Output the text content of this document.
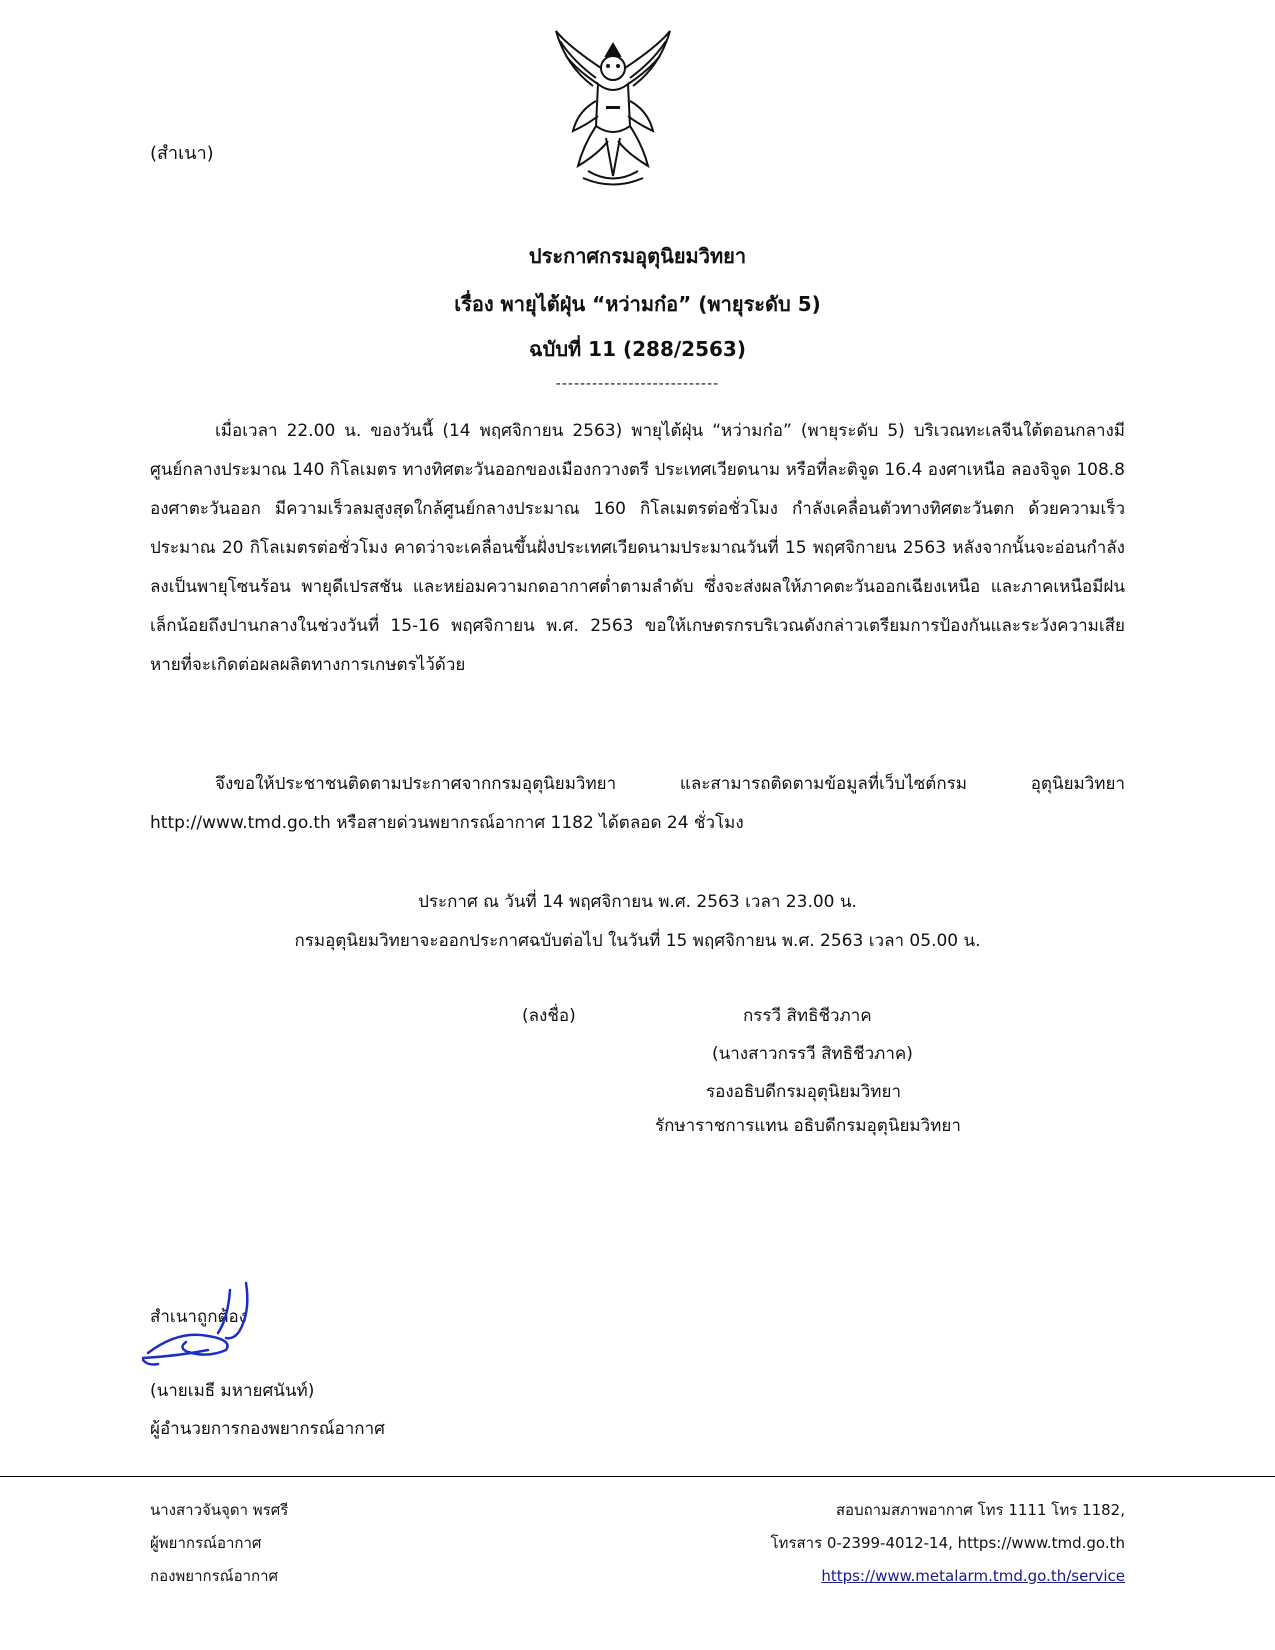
(สำเนา)
ประกาศกรมอุตุนิยมวิทยา
เรื่อง พายุไต้ฝุ่น “หว่ามก๋อ” (พายุระดับ 5)
ฉบับที่ 11 (288/2563)
---------------------------
เมื่อเวลา 22.00 น. ของวันนี้ (14 พฤศจิกายน 2563) พายุไต้ฝุ่น “หว่ามก๋อ” (พายุระดับ 5) บริเวณทะเลจีนใต้ตอนกลางมีศูนย์กลางประมาณ 140 กิโลเมตร ทางทิศตะวันออกของเมืองกวางตรี ประเทศเวียดนาม หรือที่ละติจูด 16.4 องศาเหนือ ลองจิจูด 108.8 องศาตะวันออก มีความเร็วลมสูงสุดใกล้ศูนย์กลางประมาณ 160 กิโลเมตรต่อชั่วโมง กำลังเคลื่อนตัวทางทิศตะวันตก ด้วยความเร็วประมาณ 20 กิโลเมตรต่อชั่วโมง คาดว่าจะเคลื่อนขึ้นฝั่งประเทศเวียดนามประมาณวันที่ 15 พฤศจิกายน 2563 หลังจากนั้นจะอ่อนกำลังลงเป็นพายุโซนร้อน พายุดีเปรสชัน และหย่อมความกดอากาศต่ำตามลำดับ ซึ่งจะส่งผลให้ภาคตะวันออกเฉียงเหนือ และภาคเหนือมีฝนเล็กน้อยถึงปานกลางในช่วงวันที่ 15-16 พฤศจิกายน พ.ศ. 2563 ขอให้เกษตรกรบริเวณดังกล่าวเตรียมการป้องกันและระวังความเสียหายที่จะเกิดต่อผลผลิตทางการเกษตรไว้ด้วย
จึงขอให้ประชาชนติดตามประกาศจากกรมอุตุนิยมวิทยา และสามารถติดตามข้อมูลที่เว็บไซต์กรม อุตุนิยมวิทยา http://www.tmd.go.th หรือสายด่วนพยากรณ์อากาศ 1182 ได้ตลอด 24 ชั่วโมง
ประกาศ ณ วันที่ 14 พฤศจิกายน พ.ศ. 2563 เวลา 23.00 น.
กรมอุตุนิยมวิทยาจะออกประกาศฉบับต่อไป ในวันที่ 15 พฤศจิกายน พ.ศ. 2563 เวลา 05.00 น.
(ลงชื่อ)	กรรวี สิทธิชีวภาค
(นางสาวกรรวี สิทธิชีวภาค)
รองอธิบดีกรมอุตุนิยมวิทยา
รักษาราชการแทน อธิบดีกรมอุตุนิยมวิทยา
สำเนาถูกต้อง
(นายเมธี มหายศนันท์)
ผู้อำนวยการกองพยากรณ์อากาศ
นางสาวจันจุดา พรศรี
ผู้พยากรณ์อากาศ
กองพยากรณ์อากาศ
สอบถามสภาพอากาศ โทร 1111 โทร 1182,
โทรสาร 0-2399-4012-14, https://www.tmd.go.th
https://www.metalarm.tmd.go.th/service
